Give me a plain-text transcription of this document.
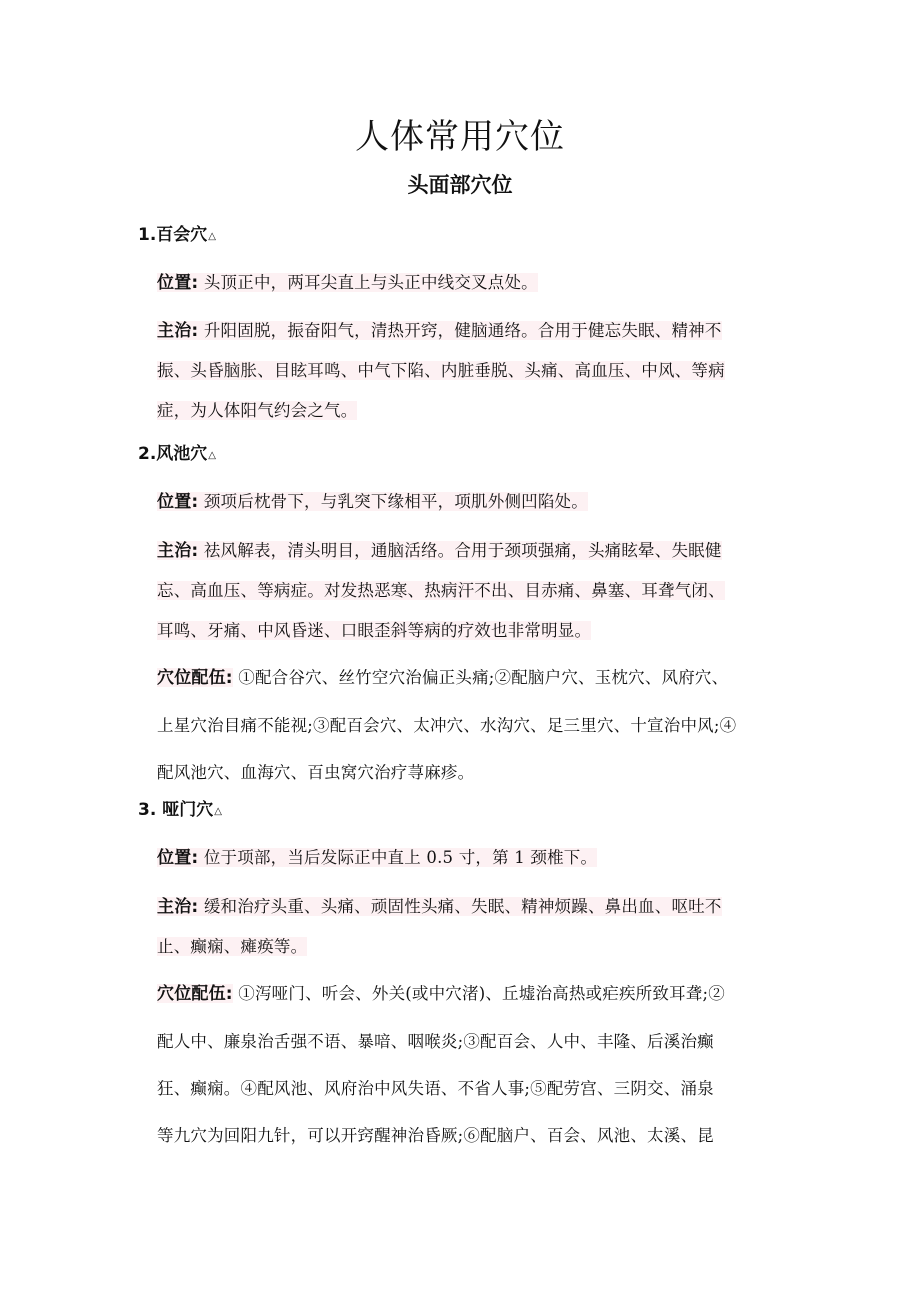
人体常用穴位
头面部穴位
1.百会穴△
位置: 头顶正中，两耳尖直上与头正中线交叉点处。
主治: 升阳固脱，振奋阳气，清热开窍，健脑通络。合用于健忘失眠、精神不
振、头昏脑胀、目眩耳鸣、中气下陷、内脏垂脱、头痛、高血压、中风、等病
症，为人体阳气约会之气。
2.风池穴△
位置: 颈项后枕骨下，与乳突下缘相平，项肌外侧凹陷处。
主治: 祛风解表，清头明目，通脑活络。合用于颈项强痛，头痛眩晕、失眠健
忘、高血压、等病症。对发热恶寒、热病汗不出、目赤痛、鼻塞、耳聋气闭、
耳鸣、牙痛、中风昏迷、口眼歪斜等病的疗效也非常明显。
穴位配伍: ①配合谷穴、丝竹空穴治偏正头痛;②配脑户穴、玉枕穴、风府穴、
上星穴治目痛不能视;③配百会穴、太冲穴、水沟穴、足三里穴、十宣治中风;④
配风池穴、血海穴、百虫窝穴治疗荨麻疹。
3. 哑门穴△
位置: 位于项部，当后发际正中直上 0.5 寸，第 1 颈椎下。
主治: 缓和治疗头重、头痛、顽固性头痛、失眠、精神烦躁、鼻出血、呕吐不
止、癫痫、瘫痪等。
穴位配伍: ①泻哑门、听会、外关(或中穴渚)、丘墟治高热或疟疾所致耳聋;②
配人中、廉泉治舌强不语、暴喑、咽喉炎;③配百会、人中、丰隆、后溪治癫
狂、癫痫。④配风池、风府治中风失语、不省人事;⑤配劳宫、三阴交、涌泉
等九穴为回阳九针，可以开窍醒神治昏厥;⑥配脑户、百会、风池、太溪、昆
